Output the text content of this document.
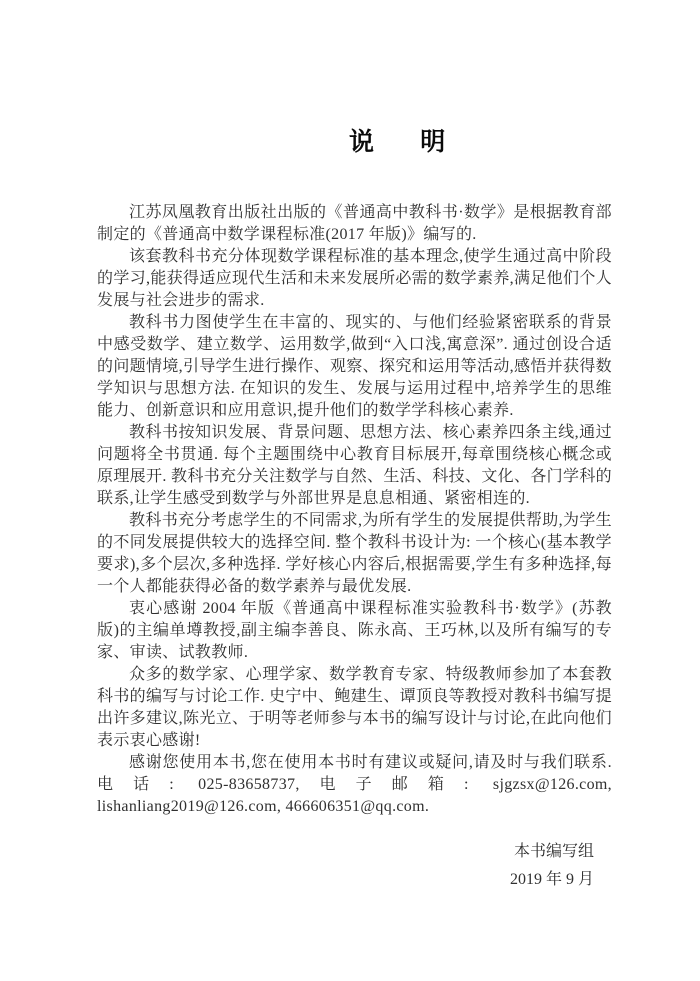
说明

江苏凤凰教育出版社出版的《普通高中教科书·数学》是根据教育部制定的《普通高中数学课程标准(2017 年版)》编写的.

该套教科书充分体现数学课程标准的基本理念,使学生通过高中阶段的学习,能获得适应现代生活和未来发展所必需的数学素养,满足他们个人发展与社会进步的需求.

教科书力图使学生在丰富的、现实的、与他们经验紧密联系的背景中感受数学、建立数学、运用数学,做到“入口浅,寓意深”. 通过创设合适的问题情境,引导学生进行操作、观察、探究和运用等活动,感悟并获得数学知识与思想方法. 在知识的发生、发展与运用过程中,培养学生的思维能力、创新意识和应用意识,提升他们的数学学科核心素养.

教科书按知识发展、背景问题、思想方法、核心素养四条主线,通过问题将全书贯通. 每个主题围绕中心教育目标展开,每章围绕核心概念或原理展开. 教科书充分关注数学与自然、生活、科技、文化、各门学科的联系,让学生感受到数学与外部世界是息息相通、紧密相连的.

教科书充分考虑学生的不同需求,为所有学生的发展提供帮助,为学生的不同发展提供较大的选择空间. 整个教科书设计为: 一个核心(基本教学要求),多个层次,多种选择. 学好核心内容后,根据需要,学生有多种选择,每一个人都能获得必备的数学素养与最优发展.

衷心感谢 2004 年版《普通高中课程标准实验教科书·数学》(苏教版)的主编单墫教授,副主编李善良、陈永高、王巧林,以及所有编写的专家、审读、试教教师.

众多的数学家、心理学家、数学教育专家、特级教师参加了本套教科书的编写与讨论工作. 史宁中、鲍建生、谭顶良等教授对教科书编写提出许多建议,陈光立、于明等老师参与本书的编写设计与讨论,在此向他们表示衷心感谢!

感谢您使用本书,您在使用本书时有建议或疑问,请及时与我们联系.电话: 025-83658737,电子邮箱: sjgzsx@126.com, lishanliang2019@126.com, 466606351@qq.com.

本书编写组
2019 年 9 月
